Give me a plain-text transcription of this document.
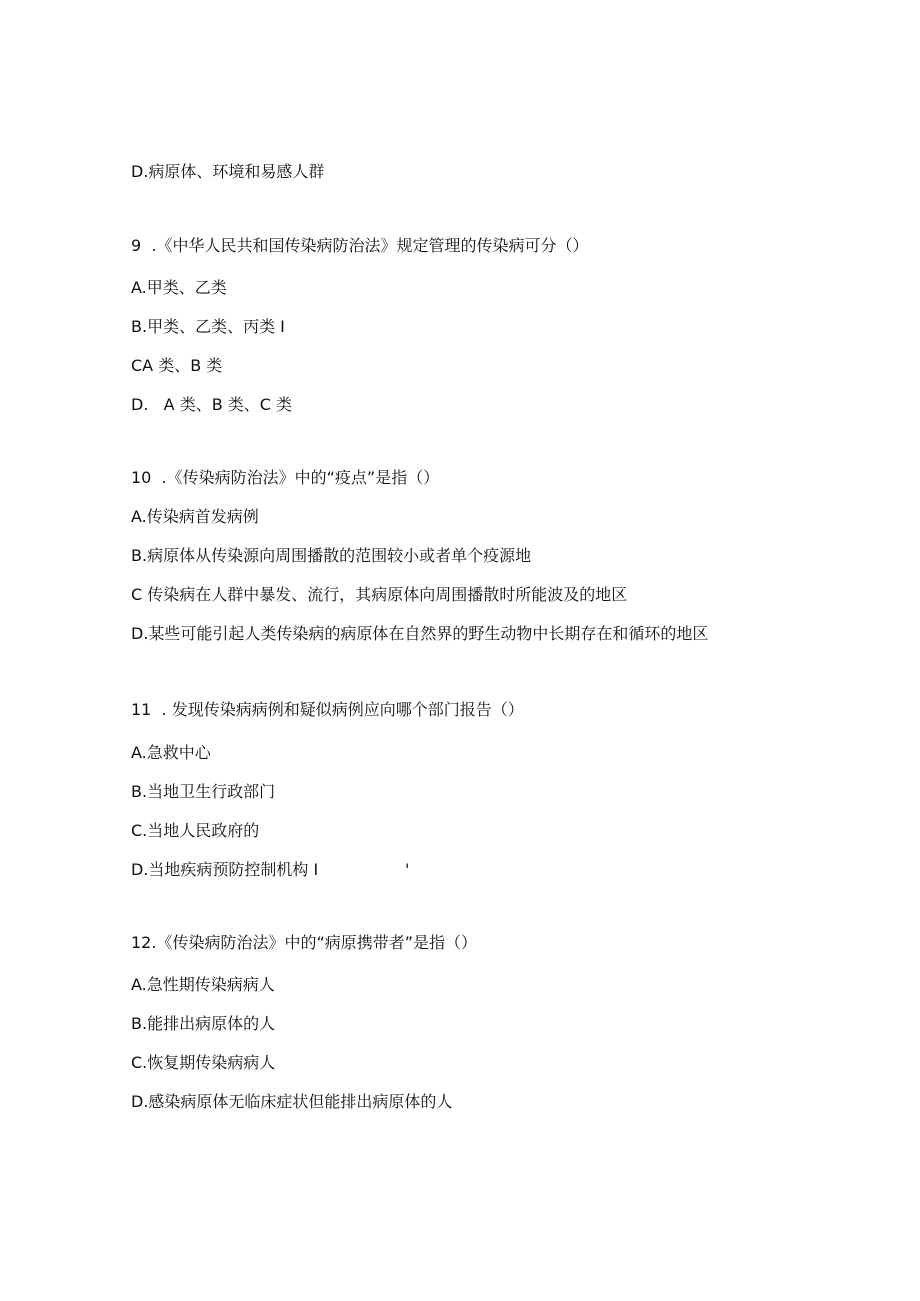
D.病原体、环境和易感人群
9  .《中华人民共和国传染病防治法》规定管理的传染病可分（）
A.甲类、乙类
B.甲类、乙类、丙类 I
CA 类、B 类
D.   A 类、B 类、C 类
10  .《传染病防治法》中的“疫点”是指（）
A.传染病首发病例
B.病原体从传染源向周围播散的范围较小或者单个疫源地
C 传染病在人群中暴发、流行，其病原体向周围播散时所能波及的地区
D.某些可能引起人类传染病的病原体在自然界的野生动物中长期存在和循环的地区
11  . 发现传染病病例和疑似病例应向哪个部门报告（）
A.急救中心
B.当地卫生行政部门
C.当地人民政府的
D.当地疾病预防控制机构 I	'
12.《传染病防治法》中的“病原携带者”是指（）
A.急性期传染病病人
B.能排出病原体的人
C.恢复期传染病病人
D.感染病原体无临床症状但能排出病原体的人
